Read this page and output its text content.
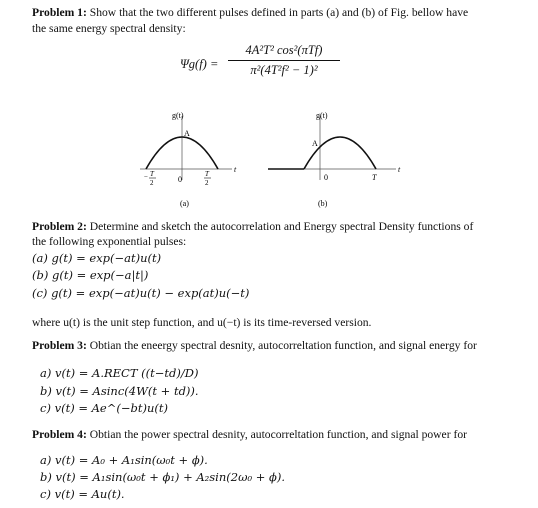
Problem 1: Show that the two different pulses defined in parts (a) and (b) of Fig. bellow have
the same energy spectral density:
Ψg(f) =
4A²T² cos²(πTf)
π²(4T²f² − 1)²
g(t)
A
t
0
T
2
−	T
2
(a)
g(t)
A
t
0	T
(b)
Problem 2: Determine and sketch the autocorrelation and Energy spectral Density functions of
the following exponential pulses:
(a) g(t) = exp(−at)u(t)
(b) g(t) = exp(−a|t|)
(c) g(t) = exp(−at)u(t) − exp(at)u(−t)
where u(t) is the unit step function, and u(−t) is its time-reversed version.
Problem 3: Obtian the eneergy spectral desnity, autocorreltation function, and signal energy for
a) v(t) = A.RECT ((t−td)/D)
b) v(t) = Asinc(4W(t + td)).
c) v(t) = Ae^(−bt)u(t)
Problem 4: Obtian the power spectral desnity, autocorreltation function, and signal power for
a) v(t) = A₀ + A₁sin(ω₀t + ϕ).
b) v(t) = A₁sin(ω₀t + ϕ₁) + A₂sin(2ω₀ + ϕ).
c) v(t) = Au(t).
